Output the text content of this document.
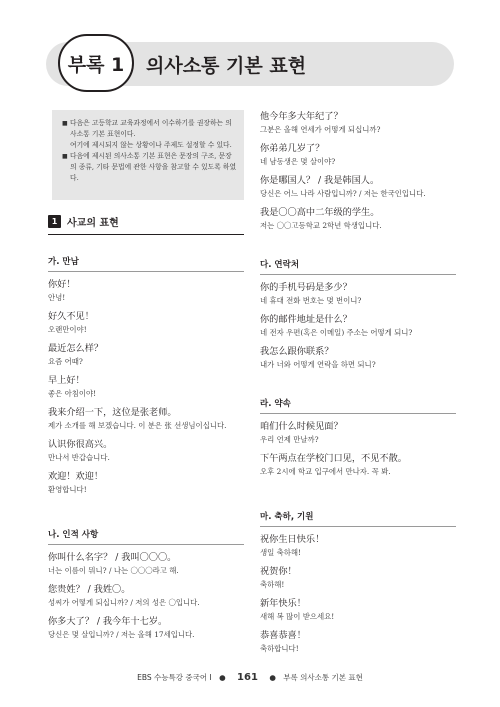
부록 1	의사소통 기본 표현
■ 다음은 고등학교 교육과정에서 이수하기를 권장하는 의사소통 기본 표현이다.
여기에 제시되지 않는 상황이나 주제도 설정할 수 있다.
■ 다음에 제시된 의사소통 기본 표현은 문장의 구조, 문장의 종류, 기타 문법에 관한 사항을 참고할 수 있도록 하였다.
1 사교의 표현
가. 만남
你好！
안녕!
好久不见！
오랜만이야!
最近怎么样？
요즘 어때?
早上好！
좋은 아침이야!
我来介绍一下，这位是张老师。
제가 소개를 해 보겠습니다. 이 분은 张 선생님이십니다.
认识你很高兴。
만나서 반갑습니다.
欢迎！欢迎！
환영합니다!
나. 인적 사항
你叫什么名字？ / 我叫〇〇〇。
너는 이름이 뭐니? / 나는 〇〇〇라고 해.
您贵姓？ / 我姓〇。
성씨가 어떻게 되십니까? / 저의 성은 〇입니다.
你多大了？ / 我今年十七岁。
당신은 몇 살입니까? / 저는 올해 17세입니다.
他今年多大年纪了？
그분은 올해 연세가 어떻게 되십니까?
你弟弟几岁了？
네 남동생은 몇 살이야?
你是哪国人？ / 我是韩国人。
당신은 어느 나라 사람입니까? / 저는 한국인입니다.
我是〇〇高中二年级的学生。
저는 〇〇고등학교 2학년 학생입니다.
다. 연락처
你的手机号码是多少？
네 휴대 전화 번호는 몇 번이니?
你的邮件地址是什么？
네 전자 우편(혹은 이메일) 주소는 어떻게 되니?
我怎么跟你联系？
내가 너와 어떻게 연락을 하면 되니?
라. 약속
咱们什么时候见面？
우리 언제 만날까?
下午两点在学校门口见，不见不散。
오후 2시에 학교 입구에서 만나자. 꼭 봐.
마. 축하, 기원
祝你生日快乐！
생일 축하해!
祝贺你！
축하해!
新年快乐！
새해 복 많이 받으세요!
恭喜恭喜！
축하합니다!
EBS 수능특강 중국어 I ● 161 ● 부록 의사소통 기본 표현
